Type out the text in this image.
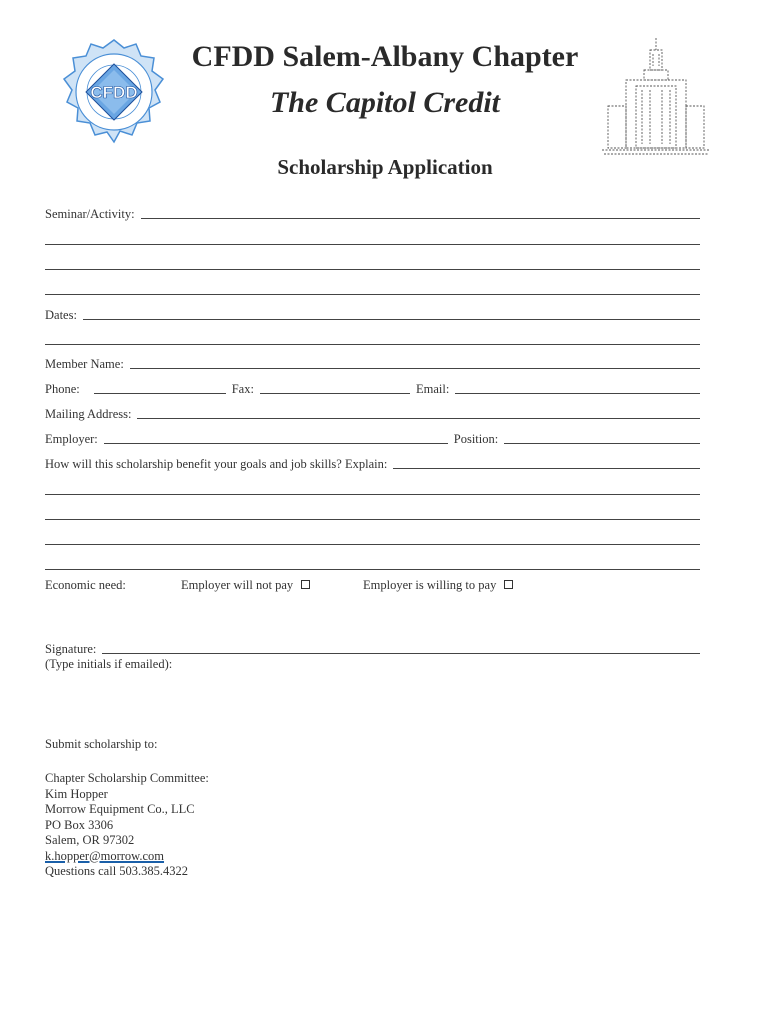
CFDD
CFDD Salem-Albany Chapter
The Capitol Credit
Scholarship Application
Seminar/Activity:
Dates:
Member Name:
Phone:	Fax:	Email:
Mailing Address:
Employer:	Position:
How will this scholarship benefit your goals and job skills? Explain:
Economic need:	Employer will not pay	Employer is willing to pay
Signature:
(Type initials if emailed):
Submit scholarship to:
Chapter Scholarship Committee:
Kim Hopper
Morrow Equipment Co., LLC
PO Box 3306
Salem, OR 97302
k.hopper@morrow.com
Questions call 503.385.4322
